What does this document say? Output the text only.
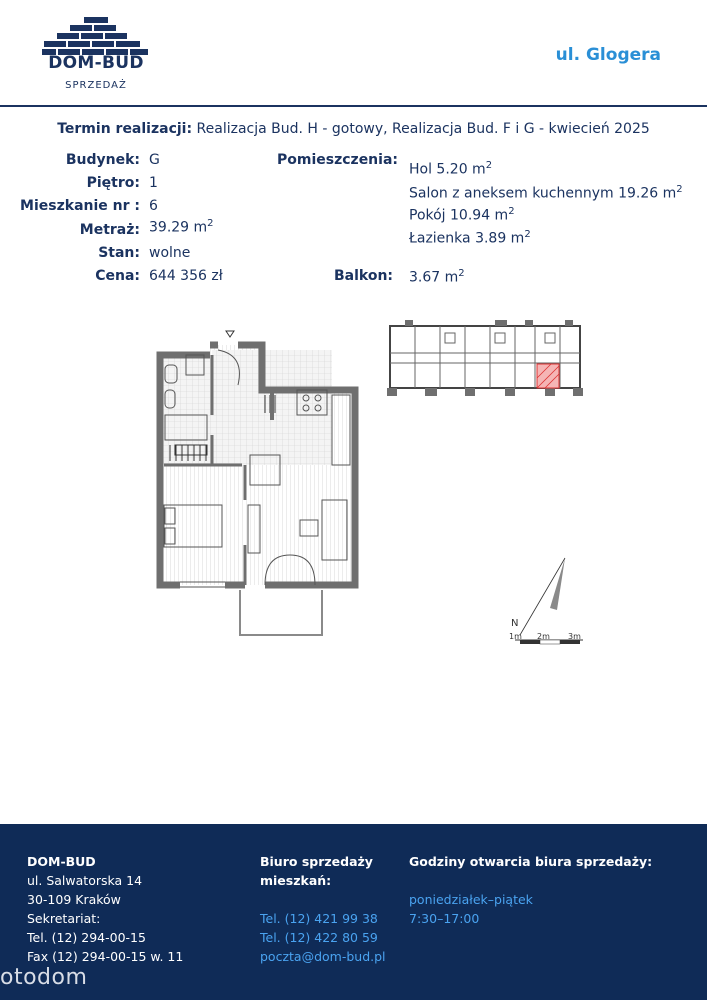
DOM-BUD
SPRZEDAŻ
ul. Glogera
Termin realizacji: Realizacja Bud. H - gotowy, Realizacja Bud. F i G - kwiecień 2025
Budynek:
Piętro:
Mieszkanie nr :
Metraż:
Stan:
Cena:
G
1
6
39.29 $m^2$
wolne
644 356 zł
Pomieszczenia:
Hol 5.20 $m^2$
Salon z aneksem kuchennym 19.26 $m^2$
Pokój 10.94 $m^2$
Łazienka 3.89 $m^2$
Balkon: 3.67 $m^2$
N
1m 2m 3m
DOM-BUD
ul. Salwatorska 14
30-109 Kraków
Sekretariat:
Tel. (12) 294-00-15
Fax (12) 294-00-15 w. 11
Biuro sprzedaży
mieszkań:

Tel. (12) 421 99 38
Tel. (12) 422 80 59
poczta@dom-bud.pl
Godziny otwarcia biura sprzedaży:

poniedziałek–piątek
7:30–17:00
otodom
